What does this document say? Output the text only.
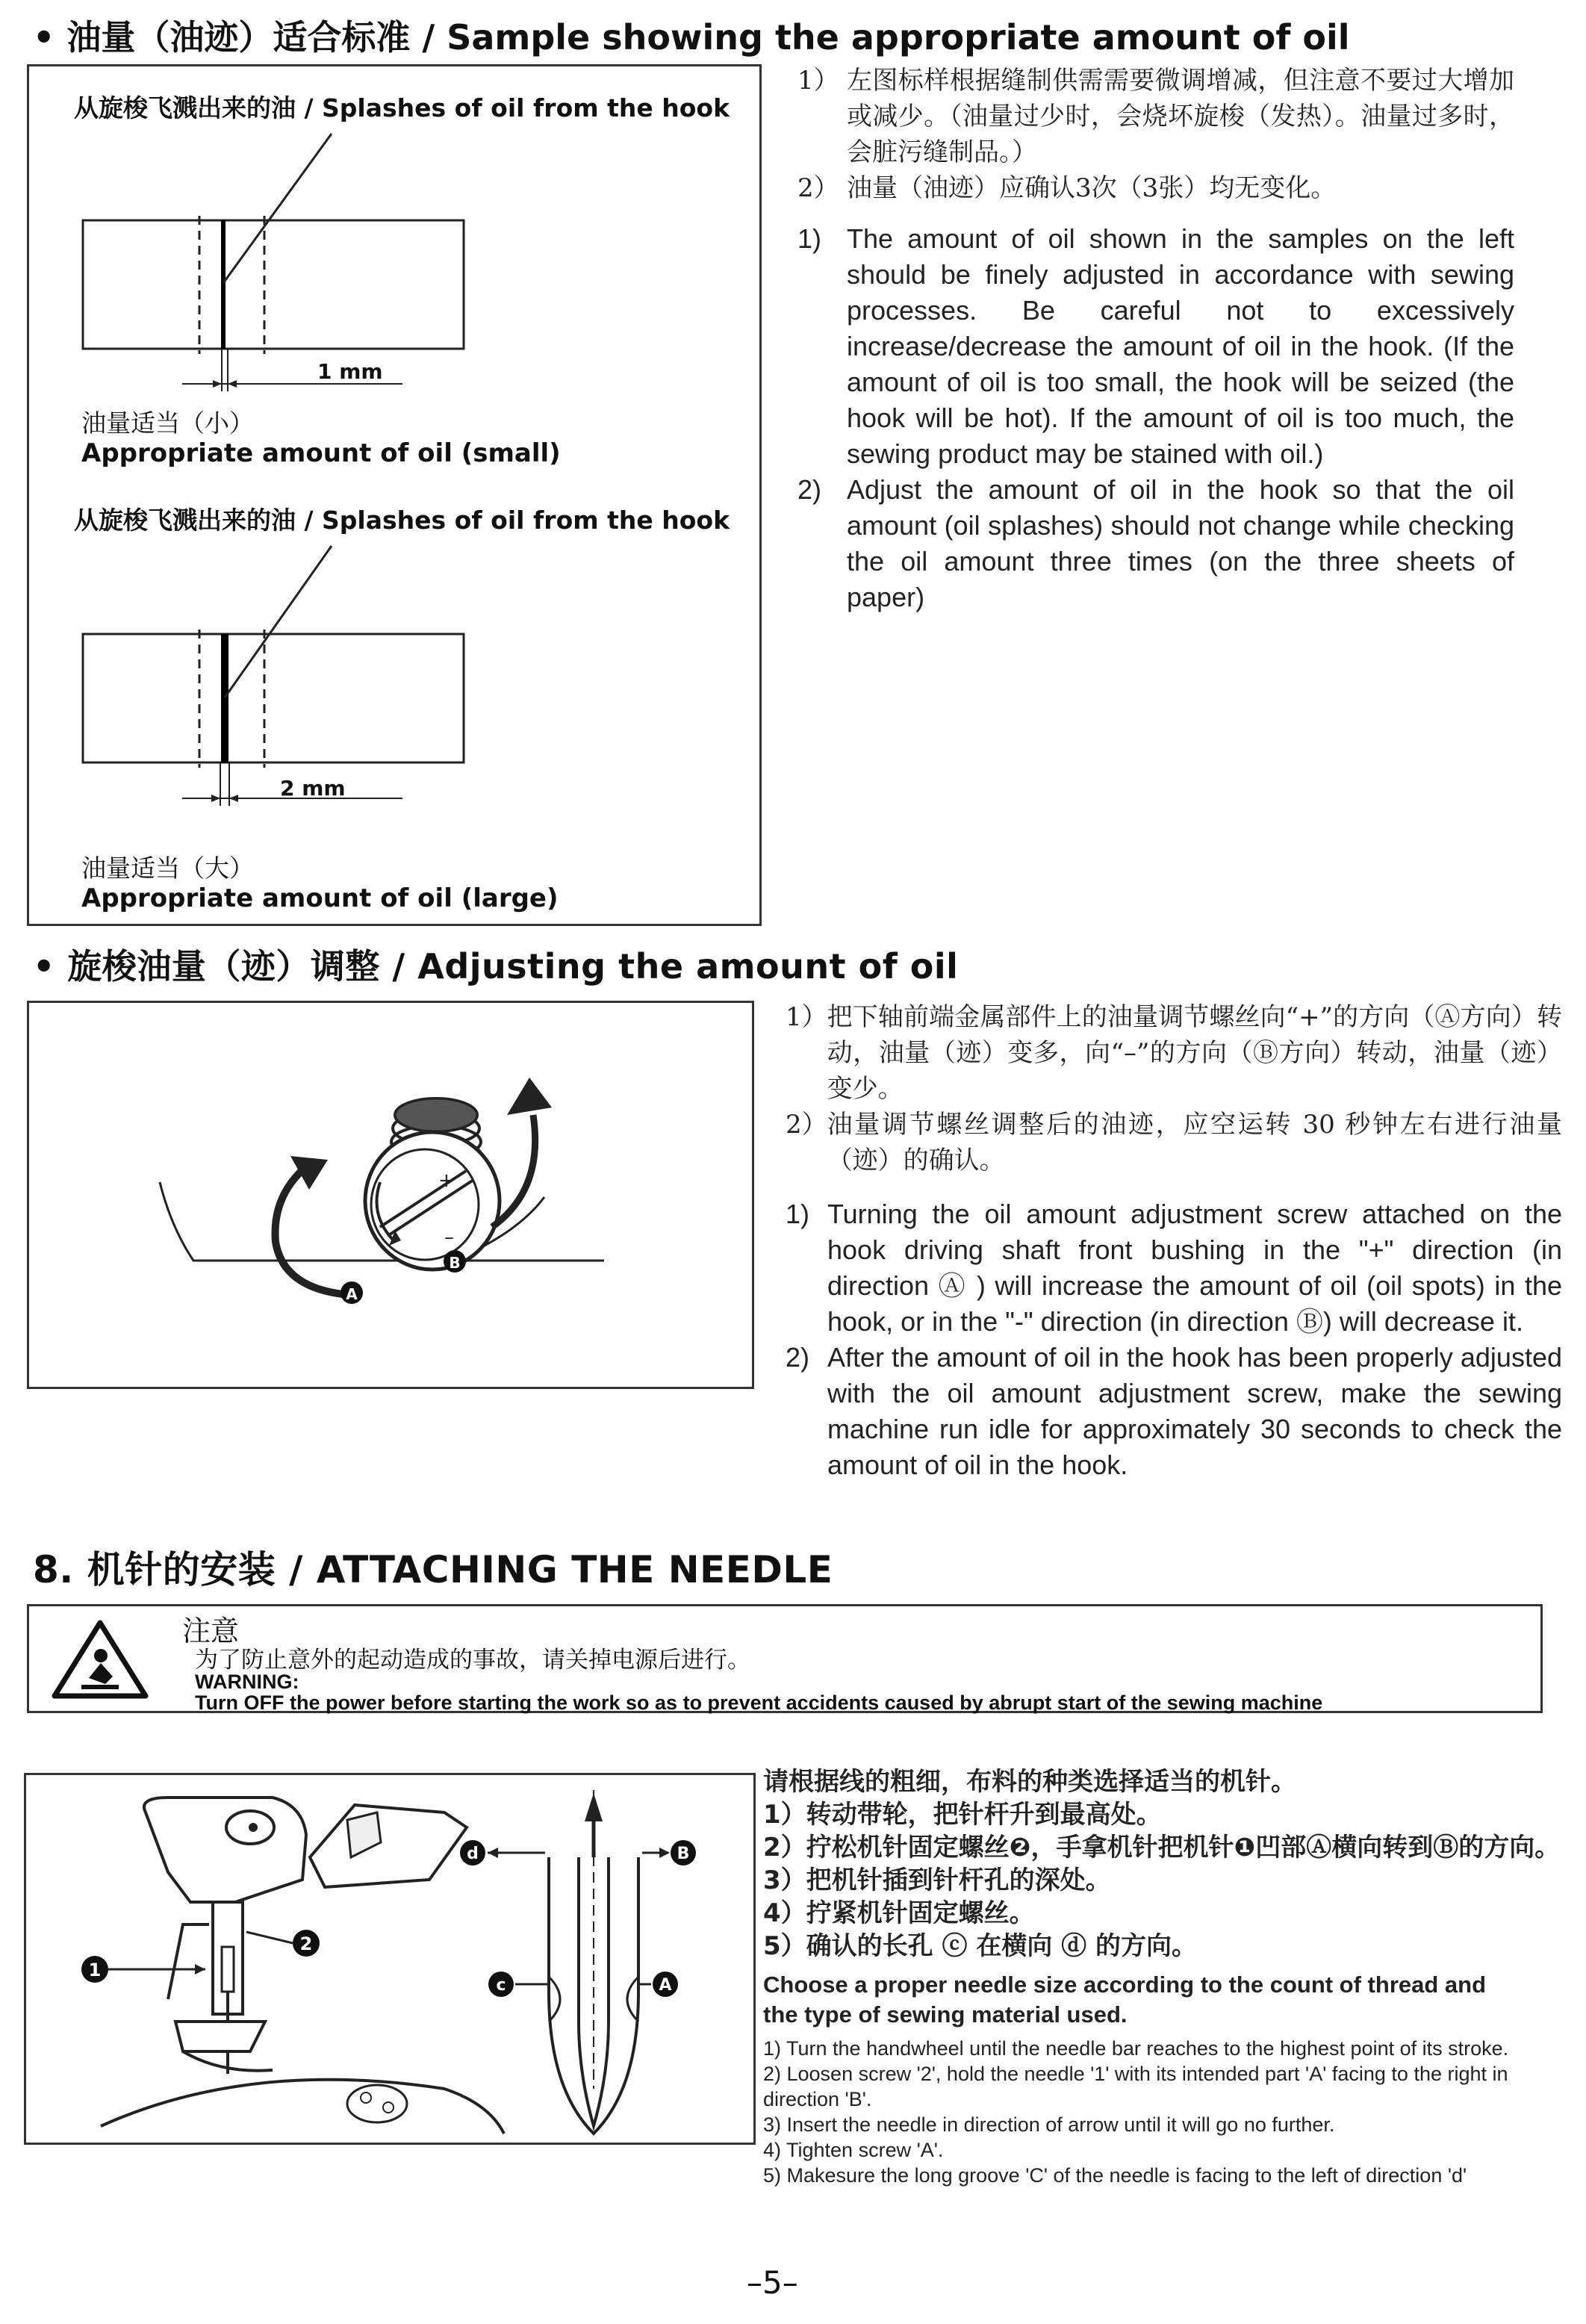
• 油量（油迹）适合标准 / Sample showing the appropriate amount of oil
从旋梭飞溅出来的油 / Splashes of oil from the hook
1 mm
油量适当（小）
Appropriate amount of oil (small)
从旋梭飞溅出来的油 / Splashes of oil from the hook
2 mm
油量适当（大）
Appropriate amount of oil (large)
1） 左图标样根据缝制供需需要微调增减，但注意不要过大增加或减少。（油量过少时，会烧坏旋梭（发热）。油量过多时，会脏污缝制品。）
2） 油量（油迹）应确认3次（3张）均无变化。
1) The amount of oil shown in the samples on the left should be finely adjusted in accordance with sewing processes. Be careful not to excessively increase/decrease the amount of oil in the hook. (If the amount of oil is too small, the hook will be seized (the hook will be hot). If the amount of oil is too much, the sewing product may be stained with oil.)
2) Adjust the amount of oil in the hook so that the oil amount (oil splashes) should not change while checking the oil amount three times (on the three sheets of paper)
• 旋梭油量（迹）调整 / Adjusting the amount of oil
+
–
A
B
1） 把下轴前端金属部件上的油量调节螺丝向“+”的方向（Ⓐ方向）转动，油量（迹）变多，向“–”的方向（Ⓑ方向）转动，油量（迹）变少。
2） 油量调节螺丝调整后的油迹，应空运转 30 秒钟左右进行油量（迹）的确认。
1) Turning the oil amount adjustment screw attached on the hook driving shaft front bushing in the "+" direction (in direction Ⓐ ) will increase the amount of oil (oil spots) in the hook, or in the "-" direction (in direction Ⓑ) will decrease it.
2) After the amount of oil in the hook has been properly adjusted with the oil amount adjustment screw, make the sewing machine run idle for approximately 30 seconds to check the amount of oil in the hook.
8. 机针的安装 / ATTACHING THE NEEDLE
注意
为了防止意外的起动造成的事故，请关掉电源后进行。
WARNING:
Turn OFF the power before starting the work so as to prevent accidents caused by abrupt start of the sewing machine
1
2
d	B
c	A
请根据线的粗细，布料的种类选择适当的机针。
1） 转动带轮，把针杆升到最高处。
2） 拧松机针固定螺丝❷，手拿机针把机针❶凹部Ⓐ横向转到Ⓑ的方向。
3） 把机针插到针杆孔的深处。
4） 拧紧机针固定螺丝。
5） 确认的长孔 ⓒ 在横向 ⓓ 的方向。
Choose a proper needle size according to the count of thread and the type of sewing material used.
1) Turn the handwheel until the needle bar reaches to the highest point of its stroke.
2) Loosen screw '2', hold the needle '1' with its intended part 'A' facing to the right in direction 'B'.
3) Insert the needle in direction of arrow until it will go no further.
4) Tighten screw 'A'.
5) Makesure the long groove 'C' of the needle is facing to the left of direction 'd'
–5–
